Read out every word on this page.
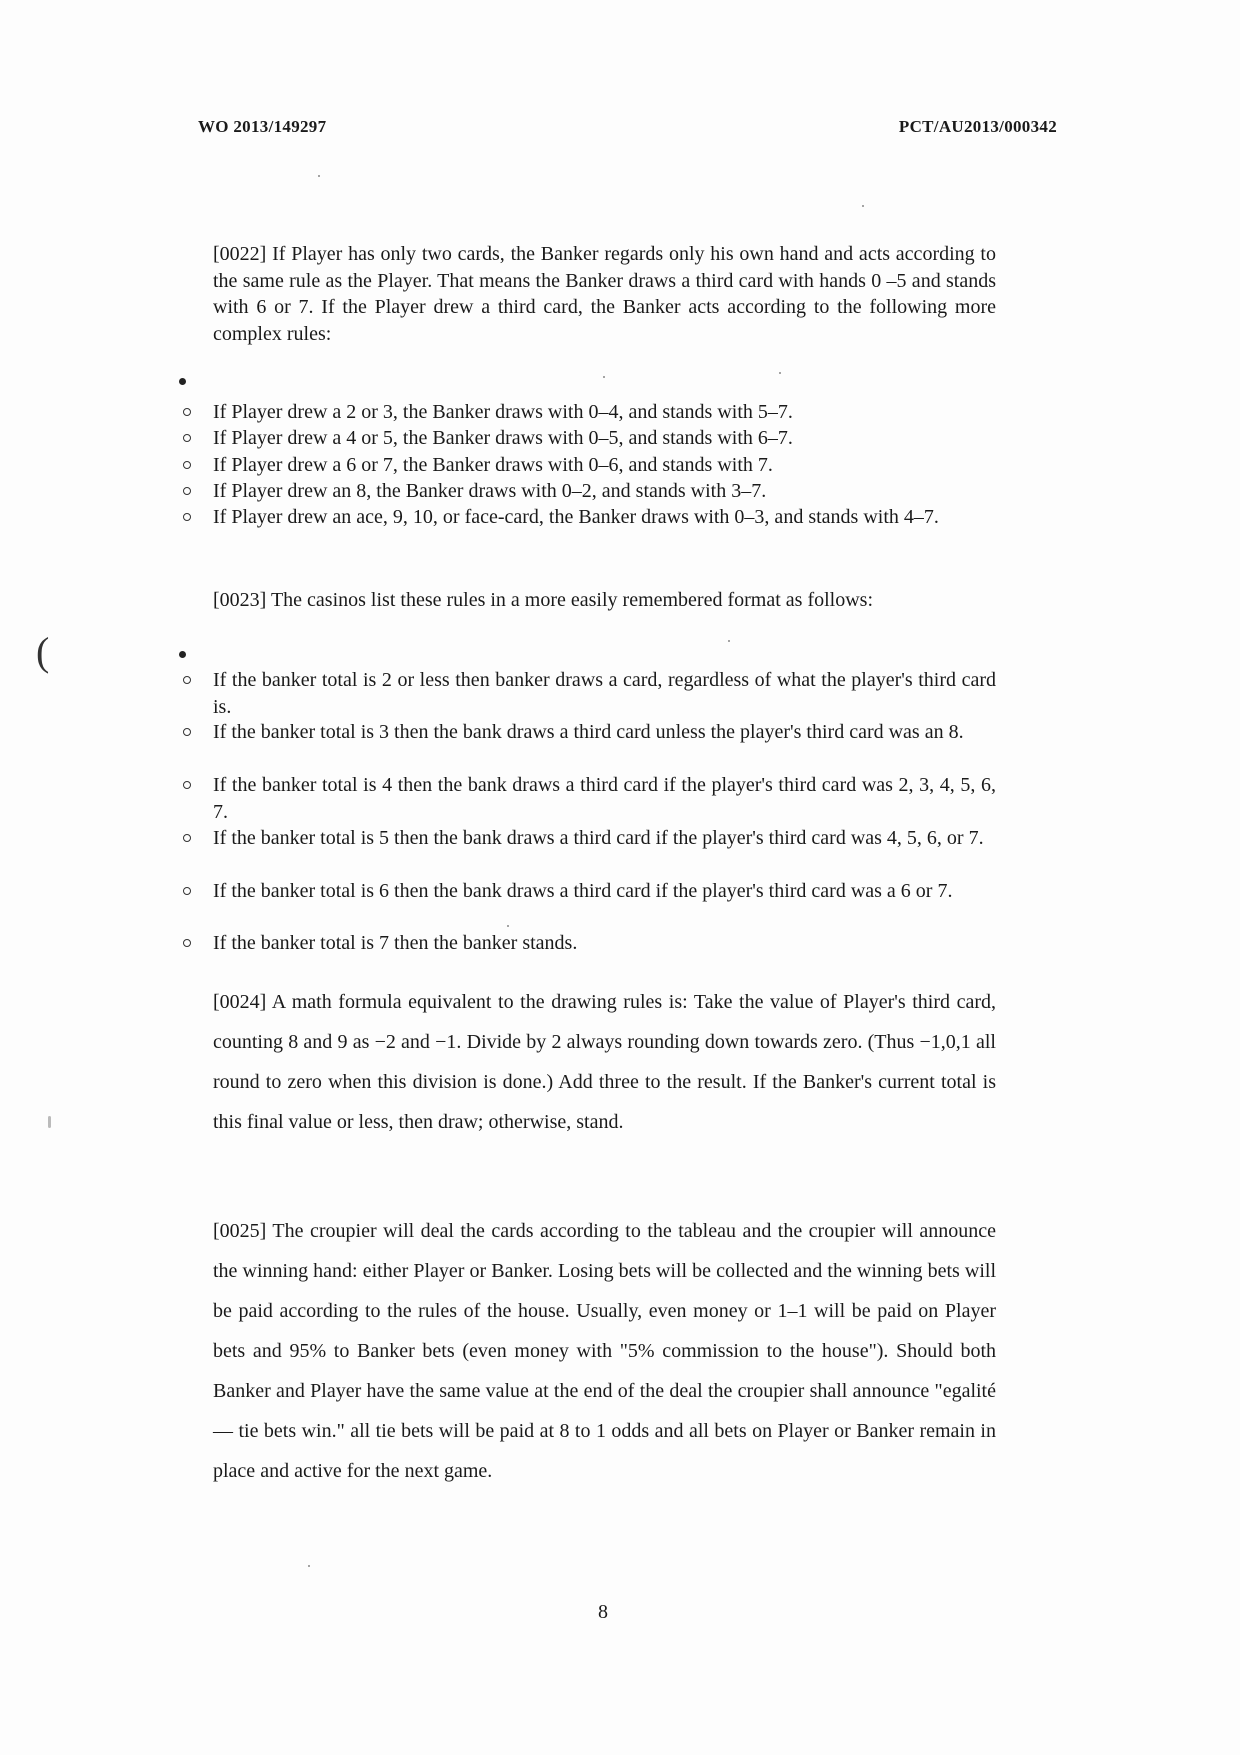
WO 2013/149297	PCT/AU2013/000342

[0022] If Player has only two cards, the Banker regards only his own hand and acts according to the same rule as the Player. That means the Banker draws a third card with hands 0 –5 and stands with 6 or 7. If the Player drew a third card, the Banker acts according to the following more complex rules:

If Player drew a 2 or 3, the Banker draws with 0–4, and stands with 5–7.
If Player drew a 4 or 5, the Banker draws with 0–5, and stands with 6–7.
If Player drew a 6 or 7, the Banker draws with 0–6, and stands with 7.
If Player drew an 8, the Banker draws with 0–2, and stands with 3–7.
If Player drew an ace, 9, 10, or face-card, the Banker draws with 0–3, and stands with 4–7.

[0023] The casinos list these rules in a more easily remembered format as follows:

(
If the banker total is 2 or less then banker draws a card, regardless of what the player's third card is.
If the banker total is 3 then the bank draws a third card unless the player's third card was an 8.
If the banker total is 4 then the bank draws a third card if the player's third card was 2, 3, 4, 5, 6, 7.
If the banker total is 5 then the bank draws a third card if the player's third card was 4, 5, 6, or 7.
If the banker total is 6 then the bank draws a third card if the player's third card was a 6 or 7.
If the banker total is 7 then the banker stands.

[0024] A math formula equivalent to the drawing rules is: Take the value of Player's third card, counting 8 and 9 as −2 and −1. Divide by 2 always rounding down towards zero. (Thus −1,0,1 all round to zero when this division is done.) Add three to the result. If the Banker's current total is this final value or less, then draw; otherwise, stand.

[0025] The croupier will deal the cards according to the tableau and the croupier will announce the winning hand: either Player or Banker. Losing bets will be collected and the winning bets will be paid according to the rules of the house. Usually, even money or 1–1 will be paid on Player bets and 95% to Banker bets (even money with "5% commission to the house"). Should both Banker and Player have the same value at the end of the deal the croupier shall announce "egalité— tie bets win." all tie bets will be paid at 8 to 1 odds and all bets on Player or Banker remain in place and active for the next game.

8
